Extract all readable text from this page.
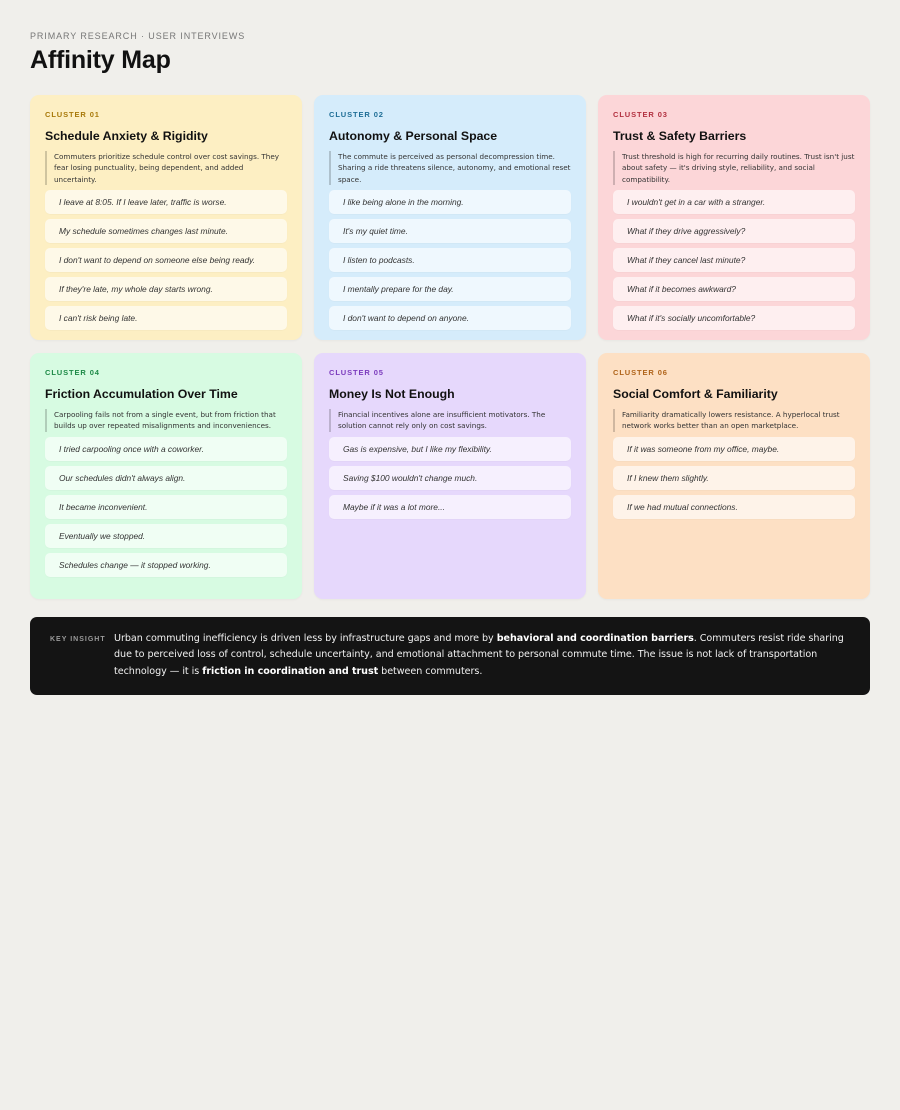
PRIMARY RESEARCH · USER INTERVIEWS
Affinity Map
CLUSTER 01
Schedule Anxiety & Rigidity
Commuters prioritize schedule control over cost savings. They fear losing punctuality, being dependent, and added uncertainty.
I leave at 8:05. If I leave later, traffic is worse.
My schedule sometimes changes last minute.
I don't want to depend on someone else being ready.
If they're late, my whole day starts wrong.
I can't risk being late.
CLUSTER 02
Autonomy & Personal Space
The commute is perceived as personal decompression time. Sharing a ride threatens silence, autonomy, and emotional reset space.
I like being alone in the morning.
It's my quiet time.
I listen to podcasts.
I mentally prepare for the day.
I don't want to depend on anyone.
CLUSTER 03
Trust & Safety Barriers
Trust threshold is high for recurring daily routines. Trust isn't just about safety — it's driving style, reliability, and social compatibility.
I wouldn't get in a car with a stranger.
What if they drive aggressively?
What if they cancel last minute?
What if it becomes awkward?
What if it's socially uncomfortable?
CLUSTER 04
Friction Accumulation Over Time
Carpooling fails not from a single event, but from friction that builds up over repeated misalignments and inconveniences.
I tried carpooling once with a coworker.
Our schedules didn't always align.
It became inconvenient.
Eventually we stopped.
Schedules change — it stopped working.
CLUSTER 05
Money Is Not Enough
Financial incentives alone are insufficient motivators. The solution cannot rely only on cost savings.
Gas is expensive, but I like my flexibility.
Saving $100 wouldn't change much.
Maybe if it was a lot more...
CLUSTER 06
Social Comfort & Familiarity
Familiarity dramatically lowers resistance. A hyperlocal trust network works better than an open marketplace.
If it was someone from my office, maybe.
If I knew them slightly.
If we had mutual connections.
KEY INSIGHT Urban commuting inefficiency is driven less by infrastructure gaps and more by behavioral and coordination barriers. Commuters resist ride sharing due to perceived loss of control, schedule uncertainty, and emotional attachment to personal commute time. The issue is not lack of transportation technology — it is friction in coordination and trust between commuters.
